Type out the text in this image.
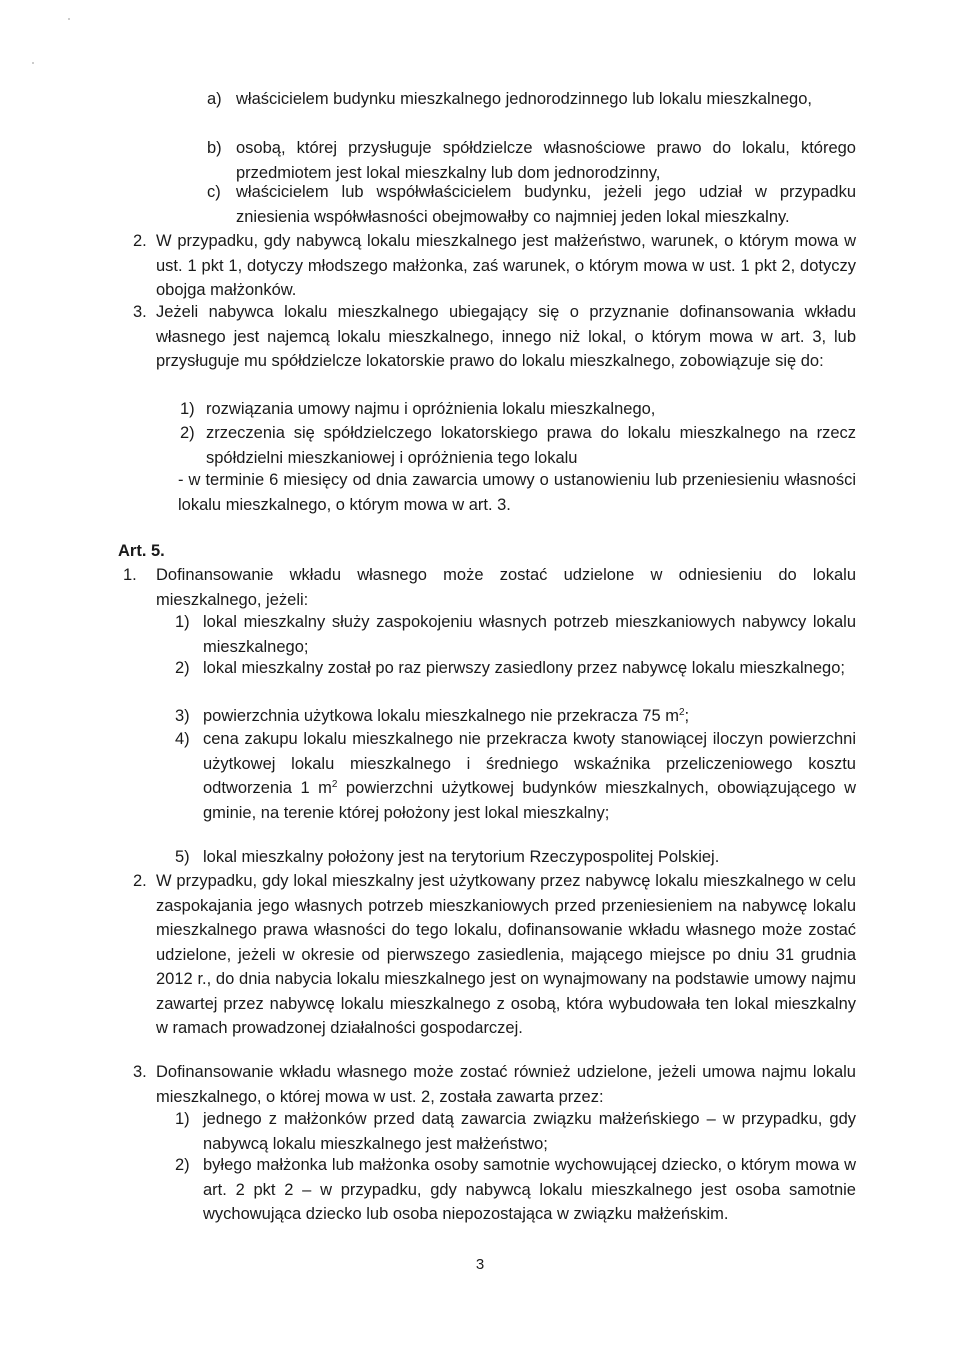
a) właścicielem budynku mieszkalnego jednorodzinnego lub lokalu mieszkalnego,

b) osobą, której przysługuje spółdzielcze własnościowe prawo do lokalu, którego przedmiotem jest lokal mieszkalny lub dom jednorodzinny,

c) właścicielem lub współwłaścicielem budynku, jeżeli jego udział w przypadku zniesienia współwłasności obejmowałby co najmniej jeden lokal mieszkalny.

2. W przypadku, gdy nabywcą lokalu mieszkalnego jest małżeństwo, warunek, o którym mowa w ust. 1 pkt 1, dotyczy młodszego małżonka, zaś warunek, o którym mowa w ust. 1 pkt 2, dotyczy obojga małżonków.

3. Jeżeli nabywca lokalu mieszkalnego ubiegający się o przyznanie dofinansowania wkładu własnego jest najemcą lokalu mieszkalnego, innego niż lokal, o którym mowa w art. 3, lub przysługuje mu spółdzielcze lokatorskie prawo do lokalu mieszkalnego, zobowiązuje się do:

1) rozwiązania umowy najmu i opróżnienia lokalu mieszkalnego,

2) zrzeczenia się spółdzielczego lokatorskiego prawa do lokalu mieszkalnego na rzecz spółdzielni mieszkaniowej i opróżnienia tego lokalu

- w terminie 6 miesięcy od dnia zawarcia umowy o ustanowieniu lub przeniesieniu własności lokalu mieszkalnego, o którym mowa w art. 3.

Art. 5.

1. Dofinansowanie wkładu własnego może zostać udzielone w odniesieniu do lokalu mieszkalnego, jeżeli:

1) lokal mieszkalny służy zaspokojeniu własnych potrzeb mieszkaniowych nabywcy lokalu mieszkalnego;

2) lokal mieszkalny został po raz pierwszy zasiedlony przez nabywcę lokalu mieszkalnego;

3) powierzchnia użytkowa lokalu mieszkalnego nie przekracza 75 $m^2$;

4) cena zakupu lokalu mieszkalnego nie przekracza kwoty stanowiącej iloczyn powierzchni użytkowej lokalu mieszkalnego i średniego wskaźnika przeliczeniowego kosztu odtworzenia 1 $m^2$ powierzchni użytkowej budynków mieszkalnych, obowiązującego w gminie, na terenie której położony jest lokal mieszkalny;

5) lokal mieszkalny położony jest na terytorium Rzeczypospolitej Polskiej.

2. W przypadku, gdy lokal mieszkalny jest użytkowany przez nabywcę lokalu mieszkalnego w celu zaspokajania jego własnych potrzeb mieszkaniowych przed przeniesieniem na nabywcę lokalu mieszkalnego prawa własności do tego lokalu, dofinansowanie wkładu własnego może zostać udzielone, jeżeli w okresie od pierwszego zasiedlenia, mającego miejsce po dniu 31 grudnia 2012 r., do dnia nabycia lokalu mieszkalnego jest on wynajmowany na podstawie umowy najmu zawartej przez nabywcę lokalu mieszkalnego z osobą, która wybudowała ten lokal mieszkalny w ramach prowadzonej działalności gospodarczej.

3. Dofinansowanie wkładu własnego może zostać również udzielone, jeżeli umowa najmu lokalu mieszkalnego, o której mowa w ust. 2, została zawarta przez:

1) jednego z małżonków przed datą zawarcia związku małżeńskiego – w przypadku, gdy nabywcą lokalu mieszkalnego jest małżeństwo;

2) byłego małżonka lub małżonka osoby samotnie wychowującej dziecko, o którym mowa w art. 2 pkt 2 – w przypadku, gdy nabywcą lokalu mieszkalnego jest osoba samotnie wychowująca dziecko lub osoba niepozostająca w związku małżeńskim.

3
